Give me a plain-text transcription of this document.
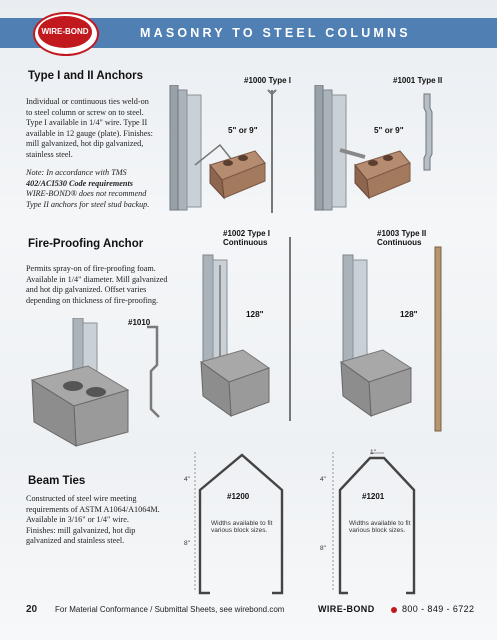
WIRE-BOND	MASONRY TO STEEL COLUMNS
Type I and II Anchors
Individual or continuous ties weld-on
to steel column or screw on to steel.
Type I available in 1/4" wire. Type II
available in 12 gauge (plate). Finishes:
mill galvanized, hot dip galvanized,
stainless steel.
Note: In accordance with TMS
402/ACI530 Code requirements
WIRE-BOND® does not recommend
Type II anchors for steel stud backup.
#1000 Type I	#1001 Type II
5" or 9"	5" or 9"
Fire-Proofing Anchor
Permits spray-on of fire-proofing foam.
Available in 1/4" diameter. Mill galvanized
and hot dip galvanized. Offset varies
depending on thickness of fire-proofing.
#1002 Type I
Continuous
#1003 Type II
Continuous
#1010
128"	128"
Beam Ties
Constructed of steel wire meeting
requirements of ASTM A1064/A1064M.
Available in 3/16" or 1/4" wire.
Finishes: mill galvanized, hot dip
galvanized and stainless steel.
4"
8"
#1200
Widths available to fit
various block sizes.
1"
4"
8"
#1201
Widths available to fit
various block sizes.
20 For Material Conformance / Submittal Sheets, see wirebond.com	WIRE-BOND	800 - 849 - 6722
